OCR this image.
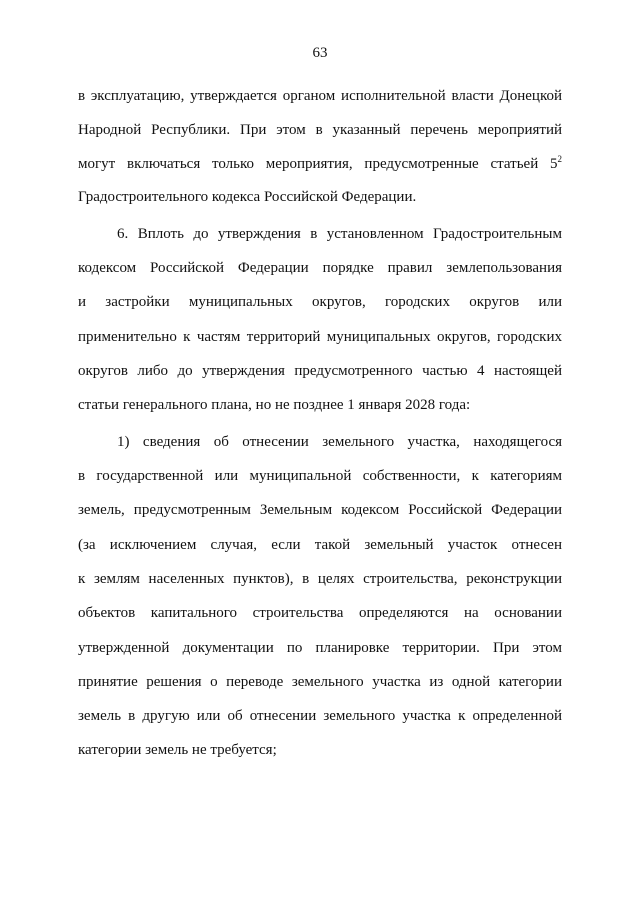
63
в эксплуатацию, утверждается органом исполнительной власти Донецкой
Народной Республики. При этом в указанный перечень мероприятий
могут включаться только мероприятия, предусмотренные статьей $5^2$
Градостроительного кодекса Российской Федерации.
6. Вплоть до утверждения в установленном Градостроительным
кодексом Российской Федерации порядке правил землепользования
и застройки муниципальных округов, городских округов или
применительно к частям территорий муниципальных округов, городских
округов либо до утверждения предусмотренного частью 4 настоящей
статьи генерального плана, но не позднее 1 января 2028 года:
1) сведения об отнесении земельного участка, находящегося
в государственной или муниципальной собственности, к категориям
земель, предусмотренным Земельным кодексом Российской Федерации
(за исключением случая, если такой земельный участок отнесен
к землям населенных пунктов), в целях строительства, реконструкции
объектов капитального строительства определяются на основании
утвержденной документации по планировке территории. При этом
принятие решения о переводе земельного участка из одной категории
земель в другую или об отнесении земельного участка к определенной
категории земель не требуется;
